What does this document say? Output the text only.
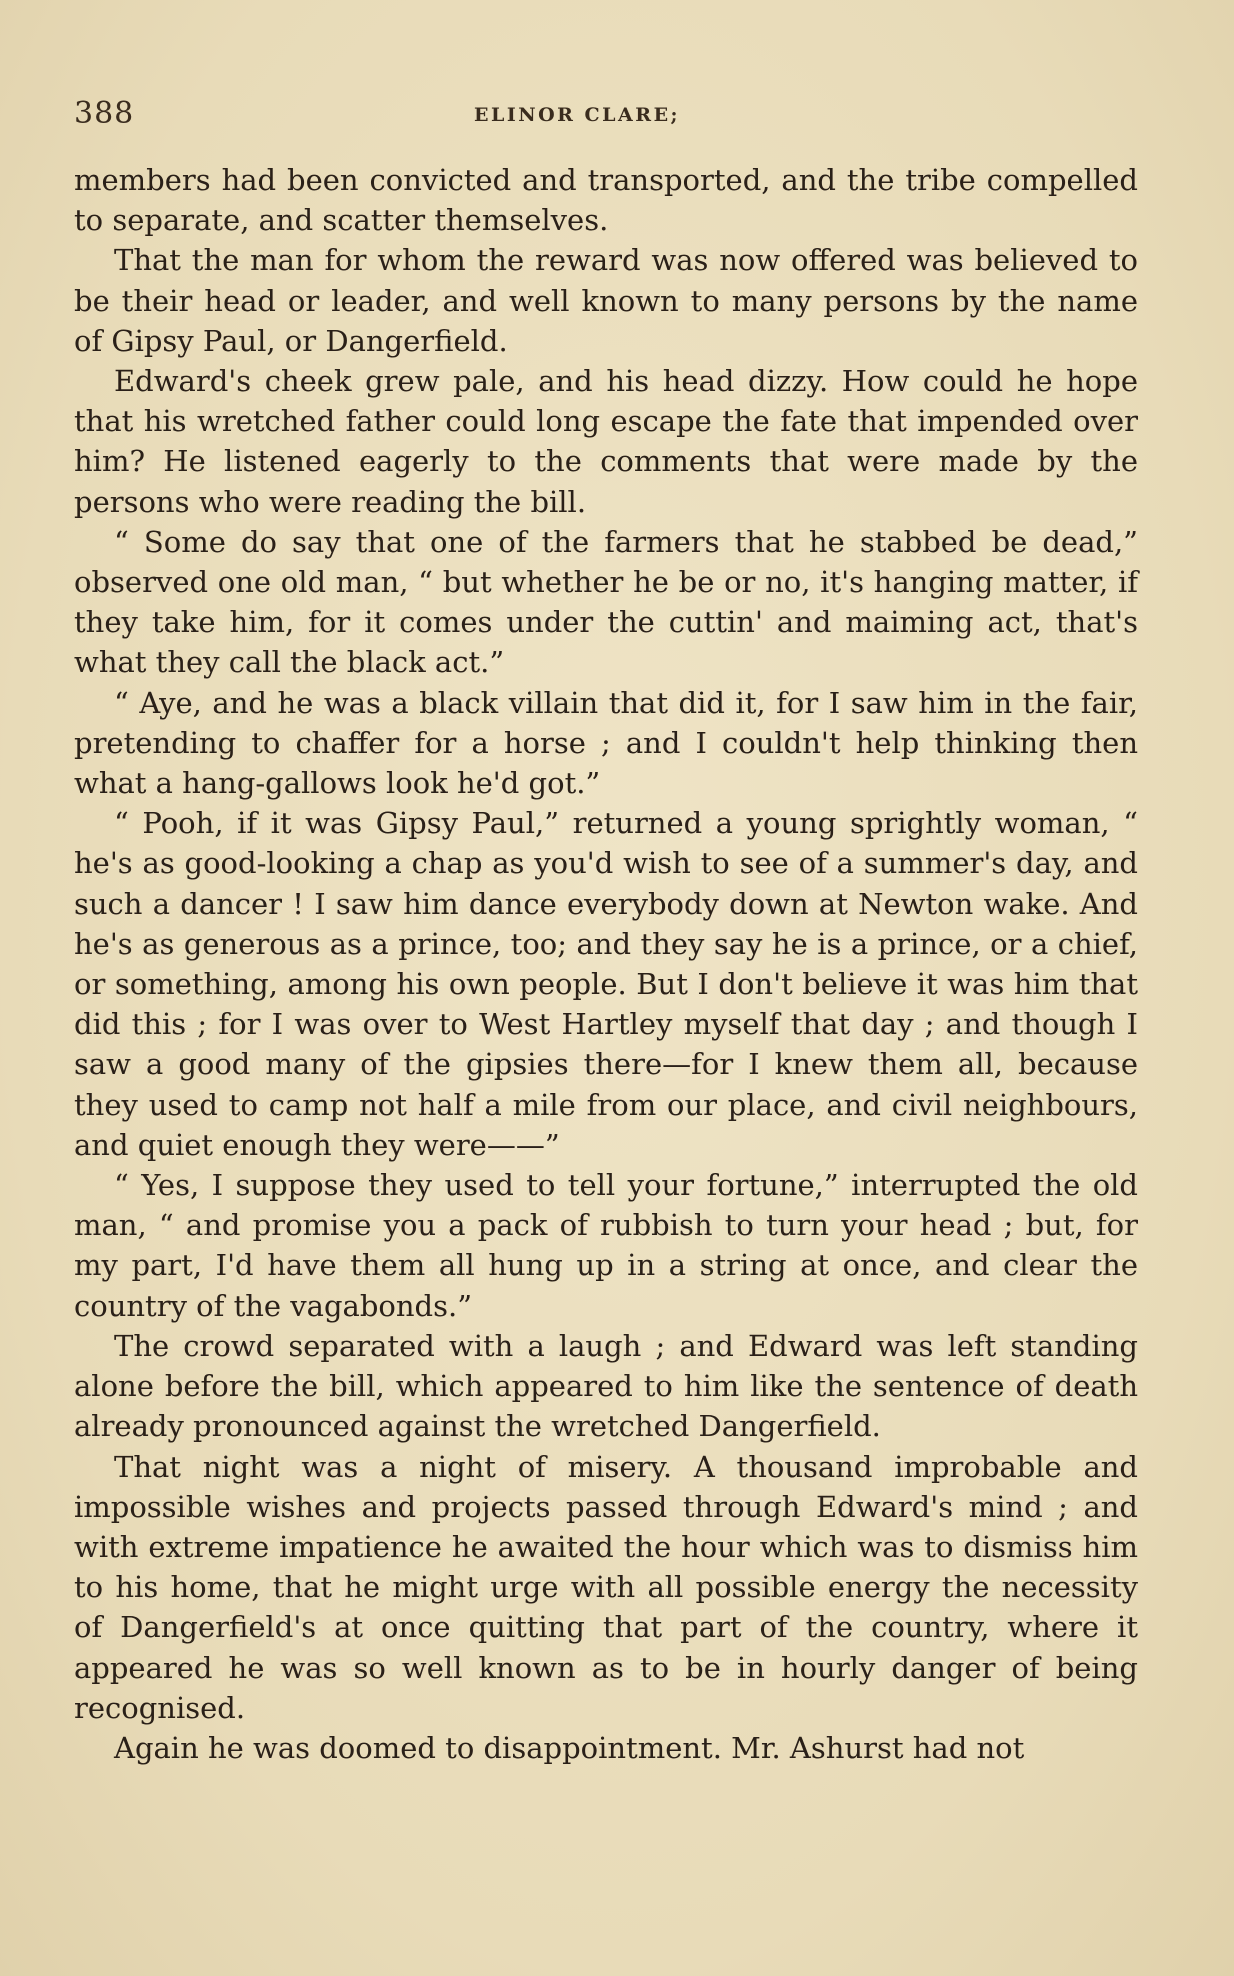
388	ELINOR CLARE;

members had been convicted and transported, and the tribe compelled to separate, and scatter themselves.

That the man for whom the reward was now offered was believed to be their head or leader, and well known to many persons by the name of Gipsy Paul, or Dangerfield.

Edward's cheek grew pale, and his head dizzy. How could he hope that his wretched father could long escape the fate that impended over him? He listened eagerly to the comments that were made by the persons who were reading the bill.

“ Some do say that one of the farmers that he stabbed be dead,” observed one old man, “ but whether he be or no, it's hanging matter, if they take him, for it comes under the cuttin' and maiming act, that's what they call the black act.”

“ Aye, and he was a black villain that did it, for I saw him in the fair, pretending to chaffer for a horse ; and I couldn't help thinking then what a hang-gallows look he'd got.”

“ Pooh, if it was Gipsy Paul,” returned a young sprightly woman, “ he's as good-looking a chap as you'd wish to see of a summer's day, and such a dancer ! I saw him dance everybody down at Newton wake. And he's as generous as a prince, too; and they say he is a prince, or a chief, or something, among his own people. But I don't believe it was him that did this ; for I was over to West Hartley myself that day ; and though I saw a good many of the gipsies there—for I knew them all, because they used to camp not half a mile from our place, and civil neighbours, and quiet enough they were——”

“ Yes, I suppose they used to tell your fortune,” interrupted the old man, “ and promise you a pack of rubbish to turn your head ; but, for my part, I'd have them all hung up in a string at once, and clear the country of the vagabonds.”

The crowd separated with a laugh ; and Edward was left standing alone before the bill, which appeared to him like the sentence of death already pronounced against the wretched Dangerfield.

That night was a night of misery. A thousand improbable and impossible wishes and projects passed through Edward's mind ; and with extreme impatience he awaited the hour which was to dismiss him to his home, that he might urge with all possible energy the necessity of Dangerfield's at once quitting that part of the country, where it appeared he was so well known as to be in hourly danger of being recognised.

Again he was doomed to disappointment. Mr. Ashurst had not
